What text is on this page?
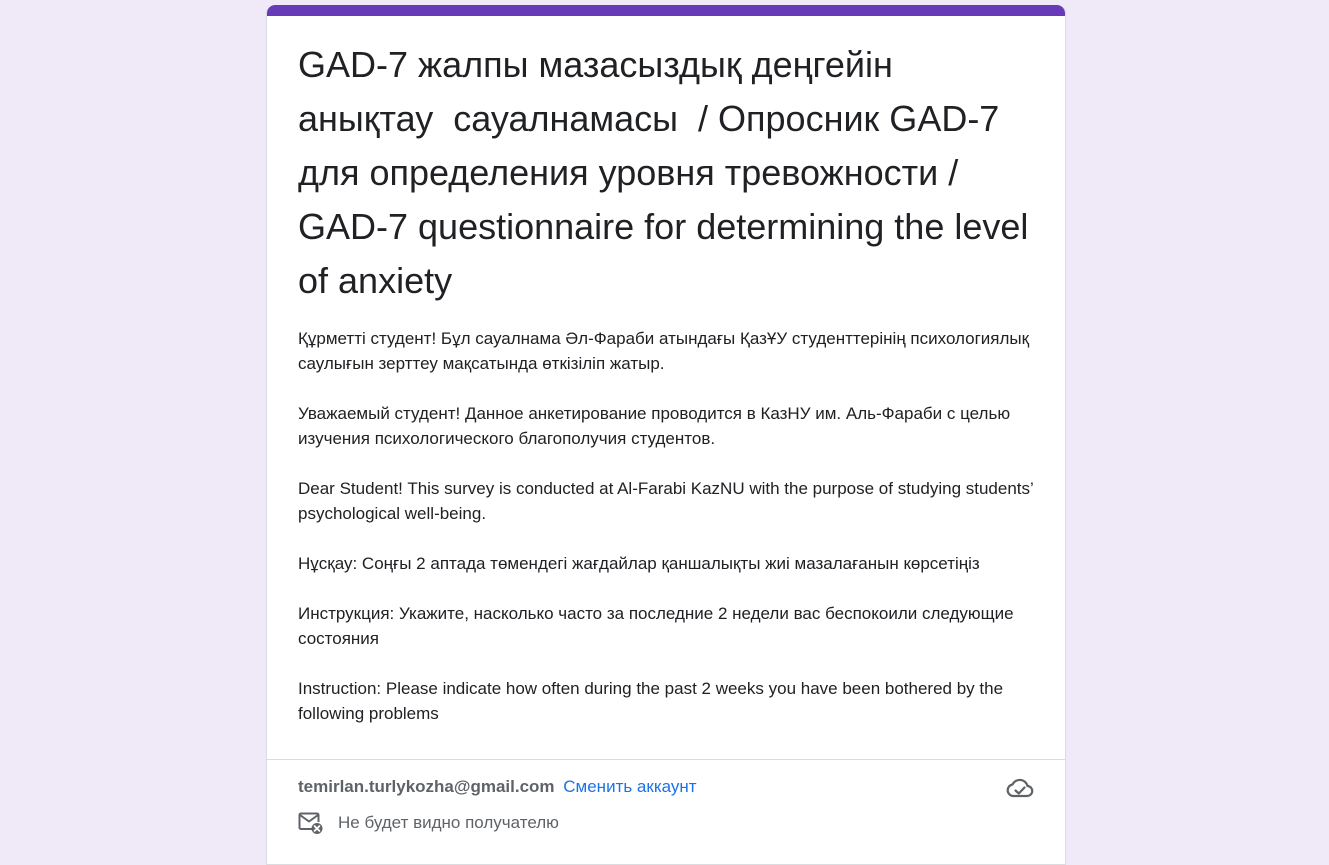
GAD-7 жалпы мазасыздық деңгейін анықтау  сауалнамасы  / Опросник GAD-7 для определения уровня тревожности / GAD-7 questionnaire for determining the level of anxiety

Құрметті студент! Бұл сауалнама Әл-Фараби атындағы ҚазҰУ студенттерінің психологиялық саулығын зерттеу мақсатында өткізіліп жатыр.

Уважаемый студент! Данное анкетирование проводится в КазНУ им. Аль-Фараби с целью изучения психологического благополучия студентов.

Dear Student! This survey is conducted at Al-Farabi KazNU with the purpose of studying students’ psychological well-being.

Нұсқау: Соңғы 2 аптада төмендегі жағдайлар қаншалықты жиі мазалағанын көрсетіңіз

Инструкция: Укажите, насколько часто за последние 2 недели вас беспокоили следующие состояния

Instruction: Please indicate how often during the past 2 weeks you have been bothered by the following problems

temirlan.turlykozha@gmail.com Сменить аккаунт
Не будет видно получателю
